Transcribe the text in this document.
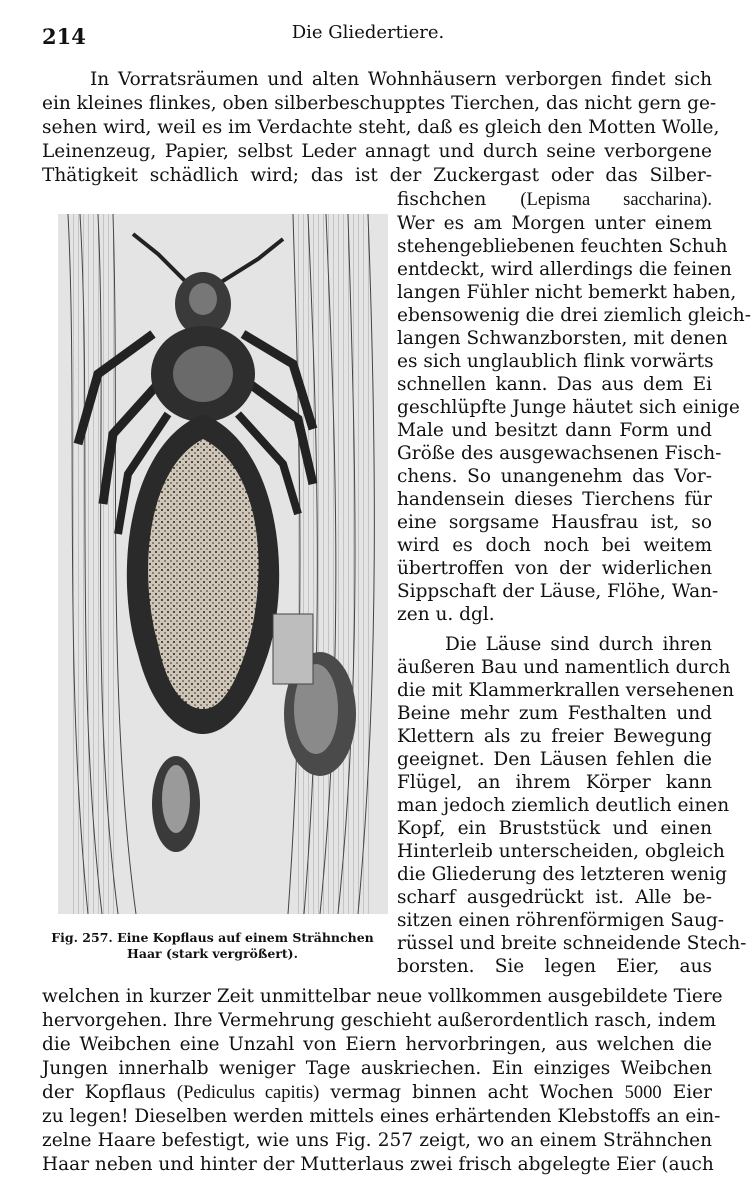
214	Die Gliedertiere.
In Vorratsräumen und alten Wohnhäusern verborgen findet sich
ein kleines flinkes, oben silberbeschupptes Tierchen, das nicht gern ge-
sehen wird, weil es im Verdachte steht, daß es gleich den Motten Wolle,
Leinenzeug, Papier, selbst Leder annagt und durch seine verborgene
Thätigkeit schädlich wird; das ist der Zuckergast oder das Silber-
fischchen (Lepisma saccharina).
Wer es am Morgen unter einem
stehengebliebenen feuchten Schuh
entdeckt, wird allerdings die feinen
langen Fühler nicht bemerkt haben,
ebensowenig die drei ziemlich gleich-
langen Schwanzborsten, mit denen
es sich unglaublich flink vorwärts
schnellen kann. Das aus dem Ei
geschlüpfte Junge häutet sich einige
Male und besitzt dann Form und
Größe des ausgewachsenen Fisch-
chens. So unangenehm das Vor-
handensein dieses Tierchens für
eine sorgsame Hausfrau ist, so
wird es doch noch bei weitem
übertroffen von der widerlichen
Sippschaft der Läuse, Flöhe, Wan-
zen u. dgl.
Die Läuse sind durch ihren
äußeren Bau und namentlich durch
die mit Klammerkrallen versehenen
Beine mehr zum Festhalten und
Klettern als zu freier Bewegung
geeignet. Den Läusen fehlen die
Flügel, an ihrem Körper kann
man jedoch ziemlich deutlich einen
Kopf, ein Bruststück und einen
Hinterleib unterscheiden, obgleich
die Gliederung des letzteren wenig
scharf ausgedrückt ist. Alle be-
sitzen einen röhrenförmigen Saug-
rüssel und breite schneidende Stech-
borsten. Sie legen Eier, aus
welchen in kurzer Zeit unmittelbar neue vollkommen ausgebildete Tiere
hervorgehen. Ihre Vermehrung geschieht außerordentlich rasch, indem
die Weibchen eine Unzahl von Eiern hervorbringen, aus welchen die
Jungen innerhalb weniger Tage auskriechen. Ein einziges Weibchen
der Kopflaus (Pediculus capitis) vermag binnen acht Wochen 5000 Eier
zu legen! Dieselben werden mittels eines erhärtenden Klebstoffs an ein-
zelne Haare befestigt, wie uns Fig. 257 zeigt, wo an einem Strähnchen
Haar neben und hinter der Mutterlaus zwei frisch abgelegte Eier (auch
Fig. 257. Eine Kopflaus auf einem Strähnchen
Haar (stark vergrößert).
